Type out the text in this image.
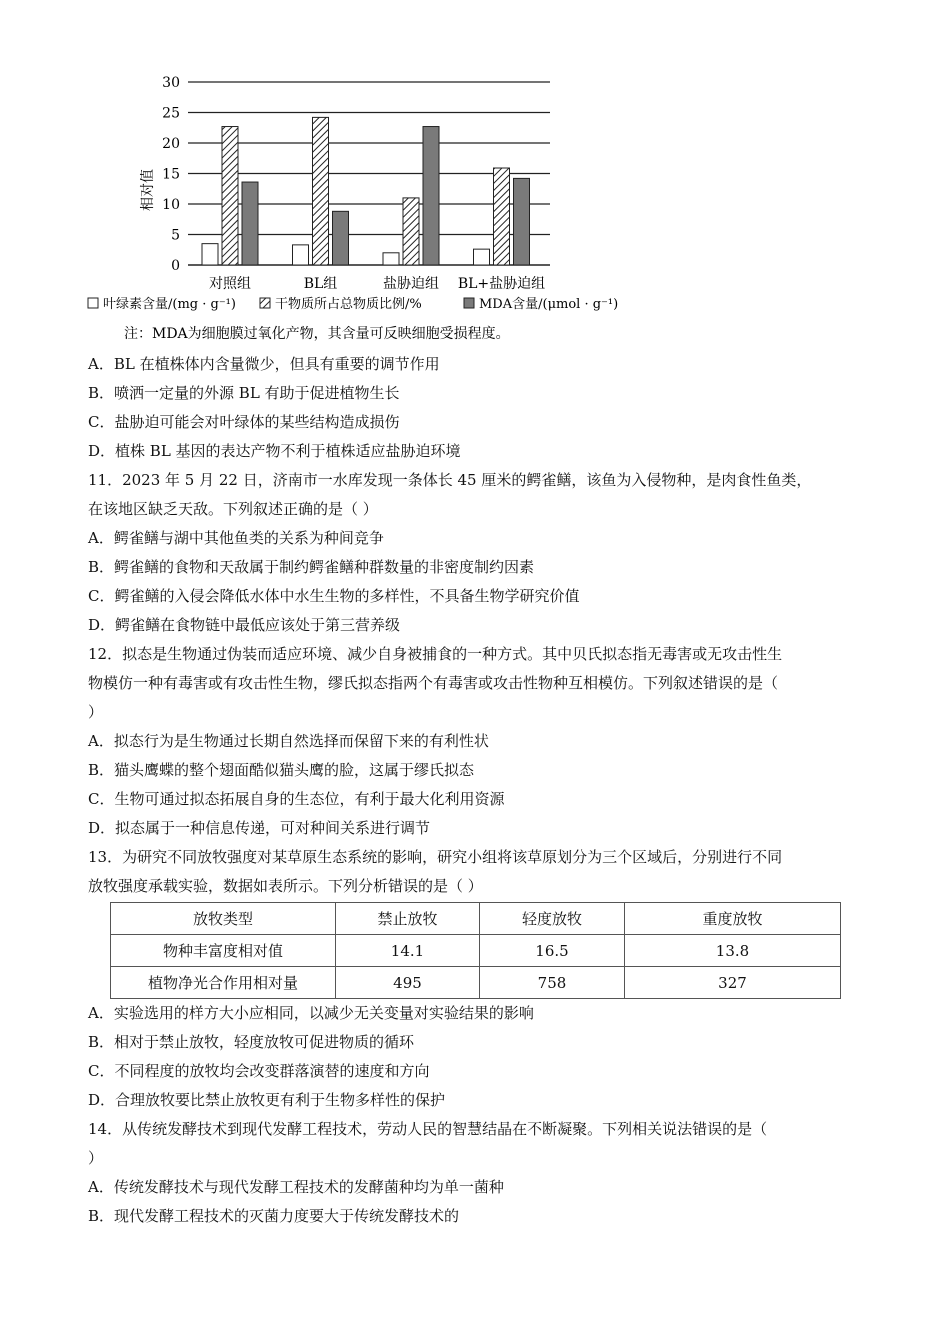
0
5
10
15
20
25
30
对照组	BL组	盐胁迫组 BL+盐胁迫组
相对值
叶绿素含量/(mg · g⁻¹)	干物质所占总物质比例/%	MDA含量/(μmol · g⁻¹)
注：MDA为细胞膜过氧化产物，其含量可反映细胞受损程度。
A．BL 在植株体内含量微少，但具有重要的调节作用
B．喷洒一定量的外源 BL 有助于促进植物生长
C．盐胁迫可能会对叶绿体的某些结构造成损伤
D．植株 BL 基因的表达产物不利于植株适应盐胁迫环境
11．2023 年 5 月 22 日，济南市一水库发现一条体长 45 厘米的鳄雀鳝，该鱼为入侵物种，是肉食性鱼类，
在该地区缺乏天敌。下列叙述正确的是（ ）
A．鳄雀鳝与湖中其他鱼类的关系为种间竞争
B．鳄雀鳝的食物和天敌属于制约鳄雀鳝种群数量的非密度制约因素
C．鳄雀鳝的入侵会降低水体中水生生物的多样性，不具备生物学研究价值
D．鳄雀鳝在食物链中最低应该处于第三营养级
12．拟态是生物通过伪装而适应环境、减少自身被捕食的一种方式。其中贝氏拟态指无毒害或无攻击性生
物模仿一种有毒害或有攻击性生物，缪氏拟态指两个有毒害或攻击性物种互相模仿。下列叙述错误的是（
）
A．拟态行为是生物通过长期自然选择而保留下来的有利性状
B．猫头鹰蝶的整个翅面酷似猫头鹰的脸，这属于缪氏拟态
C．生物可通过拟态拓展自身的生态位，有利于最大化利用资源
D．拟态属于一种信息传递，可对种间关系进行调节
13．为研究不同放牧强度对某草原生态系统的影响，研究小组将该草原划分为三个区域后，分别进行不同
放牧强度承载实验，数据如表所示。下列分析错误的是（ ）
放牧类型	禁止放牧	轻度放牧	重度放牧
物种丰富度相对值	14.1	16.5	13.8
植物净光合作用相对量	495	758	327
A．实验选用的样方大小应相同，以减少无关变量对实验结果的影响
B．相对于禁止放牧，轻度放牧可促进物质的循环
C．不同程度的放牧均会改变群落演替的速度和方向
D．合理放牧要比禁止放牧更有利于生物多样性的保护
14．从传统发酵技术到现代发酵工程技术，劳动人民的智慧结晶在不断凝聚。下列相关说法错误的是（
）
A．传统发酵技术与现代发酵工程技术的发酵菌种均为单一菌种
B．现代发酵工程技术的灭菌力度要大于传统发酵技术的
